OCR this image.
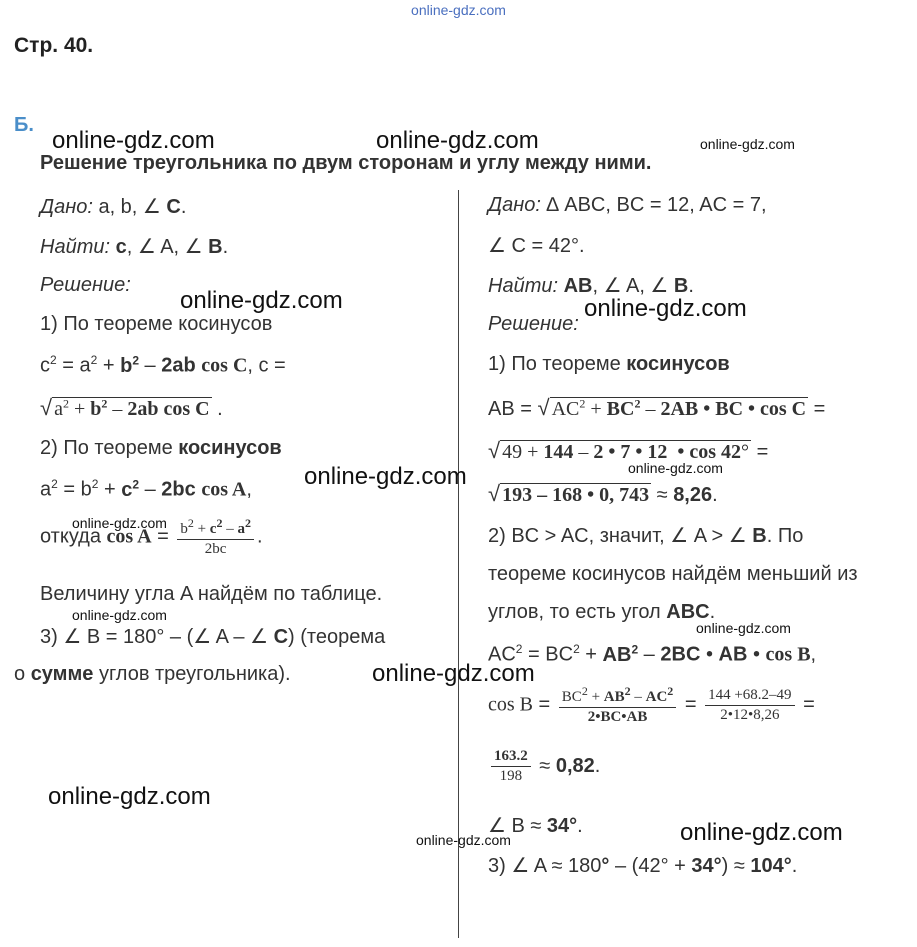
online-gdz.com
Стр. 40.
Б.
Решение треугольника по двум сторонам и углу между ними.
Дано: a, b, ∠ C.
Найти: c, ∠ A, ∠ B.
Решение:
1) По теореме косинусов
$c^2 = a^2 + b^2 - 2ab$ cos C, c =
√ $a^2 + b^2 - 2ab$ cos C .
2) По теореме косинусов
$a^2 = b^2 + c^2 - 2bc$ cos A,
откуда $\cos A = \frac{b^2 + c^2 - a^2}{2bc}$ .
Величину угла A найдём по таблице.
3) ∠ B = 180° – (∠ A – ∠ C) (теорема
о сумме углов треугольника).
Дано: ∆ ABC, BC = 12, AC = 7,
∠ C = 42°.
Найти: AB, ∠ A, ∠ B.
Решение:
1) По теореме косинусов
AB = √ $AC^2 + BC^2 - 2AB$ • BC • cos C =
√ 49 + 144 – 2 • 7 • 12  • cos 42° =
√ 193 – 168 • 0, 743 ≈ 8,26.
2) BC > AC, значит, ∠ A > ∠ B. По
теореме косинусов найдём меньший из
углов, то есть угол ABC.
$AC^2 = BC^2 + AB^2 - 2BC$ • AB • cos B,
$\cos B = \frac{BC^2 + AB^2 - AC^2}{2•BC•AB} = \frac{144 +68.2-49}{2•12•8,26}$ =
$\frac{163.2}{198} \approx 0,82$.
∠ B ≈ 34°.
3) ∠ A ≈ 180° – (42° + 34°) ≈ 104°.
online-gdz.com	online-gdz.com
online-gdz.com	online-gdz.com
online-gdz.com
online-gdz.com
online-gdz.com
online-gdz.com
online-gdz.com
online-gdz.com
online-gdz.com
online-gdz.com
online-gdz.com
online-gdz.com
